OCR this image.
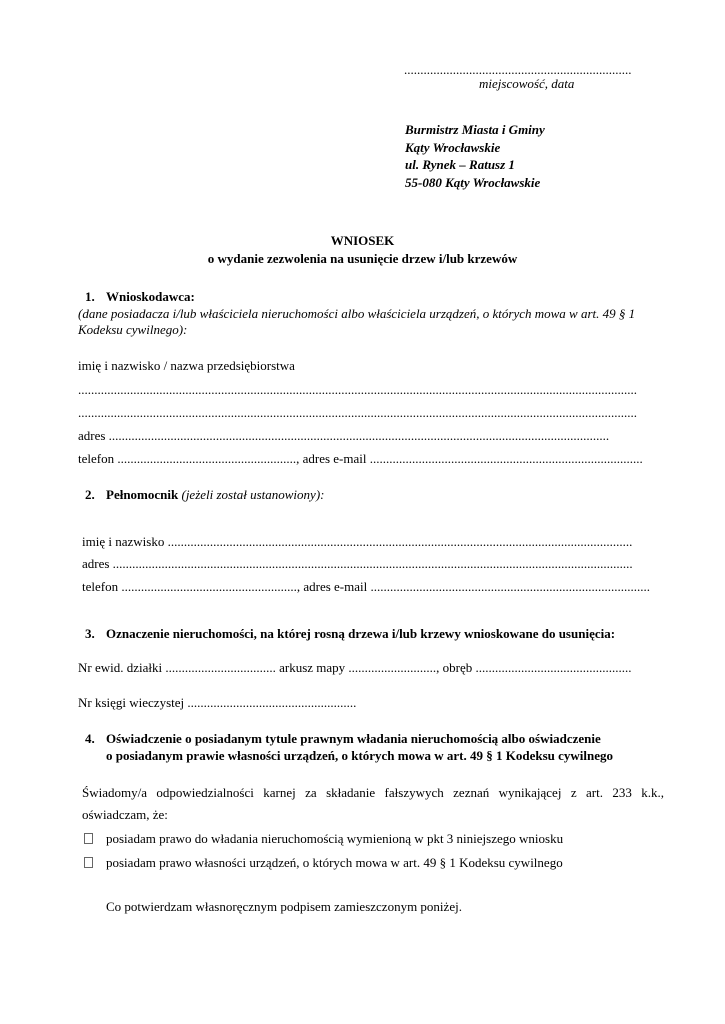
......................................................................
miejscowość, data
Burmistrz Miasta i Gminy
Kąty Wrocławskie
ul. Rynek – Ratusz 1
55-080 Kąty Wrocławskie
WNIOSEK
o wydanie zezwolenia na usunięcie drzew i/lub krzewów
1. Wnioskodawca:
(dane posiadacza i/lub właściciela nieruchomości albo właściciela urządzeń, o których mowa w art. 49 § 1
Kodeksu cywilnego):
imię i nazwisko / nazwa przedsiębiorstwa
............................................................................................................................................................................
............................................................................................................................................................................
adres ..........................................................................................................................................................
telefon ......................................................., adres e-mail ....................................................................................
2. Pełnomocnik (jeżeli został ustanowiony):
imię i nazwisko ...............................................................................................................................................
adres ................................................................................................................................................................
telefon ......................................................, adres e-mail ......................................................................................
3. Oznaczenie nieruchomości, na której rosną drzewa i/lub krzewy wnioskowane do usunięcia:
Nr ewid. działki .................................. arkusz mapy ..........................., obręb ................................................
Nr księgi wieczystej ....................................................
4. Oświadczenie o posiadanym tytule prawnym władania nieruchomością albo oświadczenie
o posiadanym prawie własności urządzeń, o których mowa w art. 49 § 1 Kodeksu cywilnego
Świadomy/a odpowiedzialności karnej za składanie fałszywych zeznań wynikającej z art. 233 k.k.,
oświadczam, że:
posiadam prawo do władania nieruchomością wymienioną w pkt 3 niniejszego wniosku
posiadam prawo własności urządzeń, o których mowa w art. 49 § 1 Kodeksu cywilnego
Co potwierdzam własnoręcznym podpisem zamieszczonym poniżej.
